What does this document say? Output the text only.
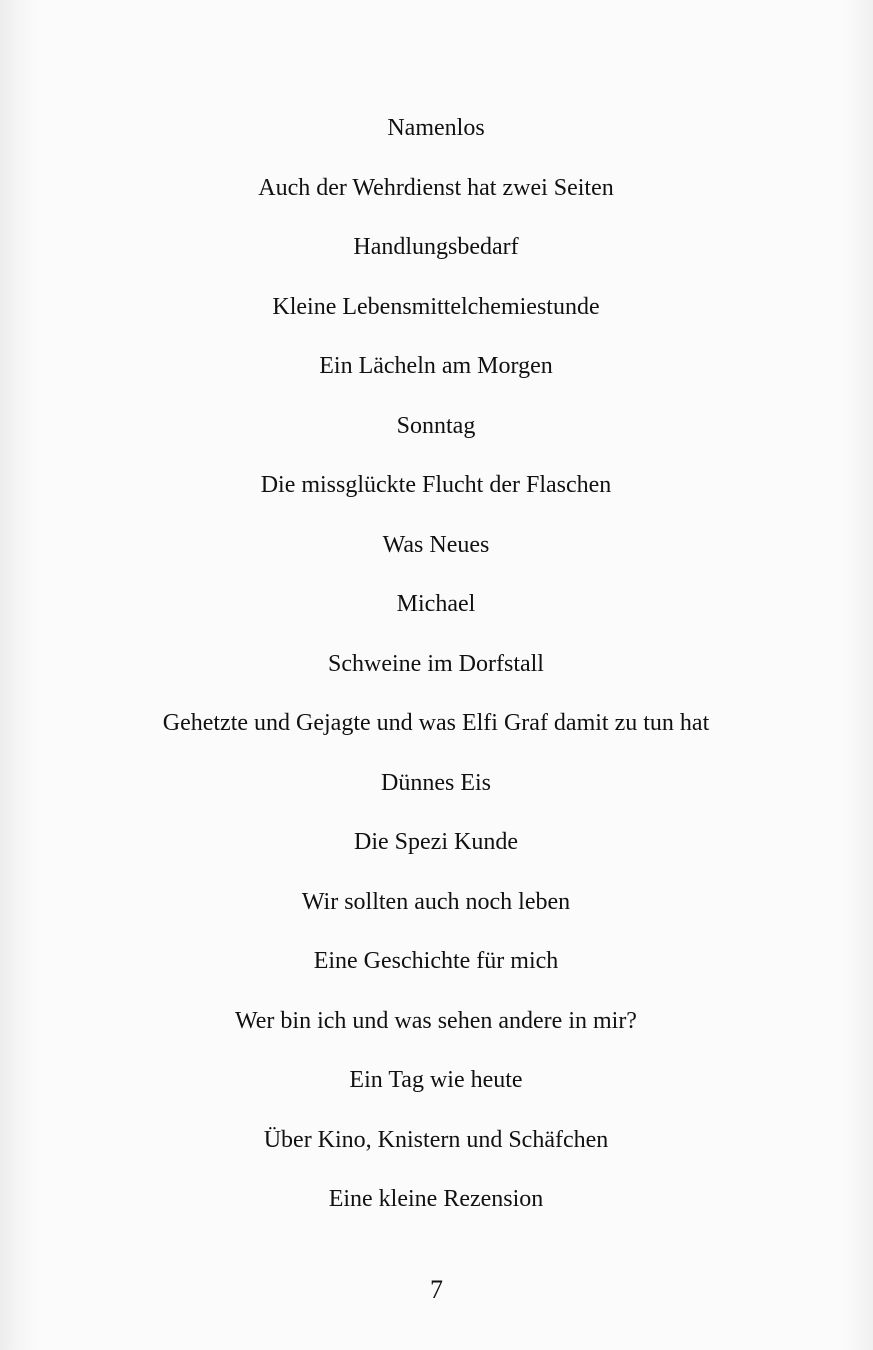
Namenlos
Auch der Wehrdienst hat zwei Seiten
Handlungsbedarf
Kleine Lebensmittelchemiestunde
Ein Lächeln am Morgen
Sonntag
Die missglückte Flucht der Flaschen
Was Neues
Michael
Schweine im Dorfstall
Gehetzte und Gejagte und was Elfi Graf damit zu tun hat
Dünnes Eis
Die Spezi Kunde
Wir sollten auch noch leben
Eine Geschichte für mich
Wer bin ich und was sehen andere in mir?
Ein Tag wie heute
Über Kino, Knistern und Schäfchen
Eine kleine Rezension
7
